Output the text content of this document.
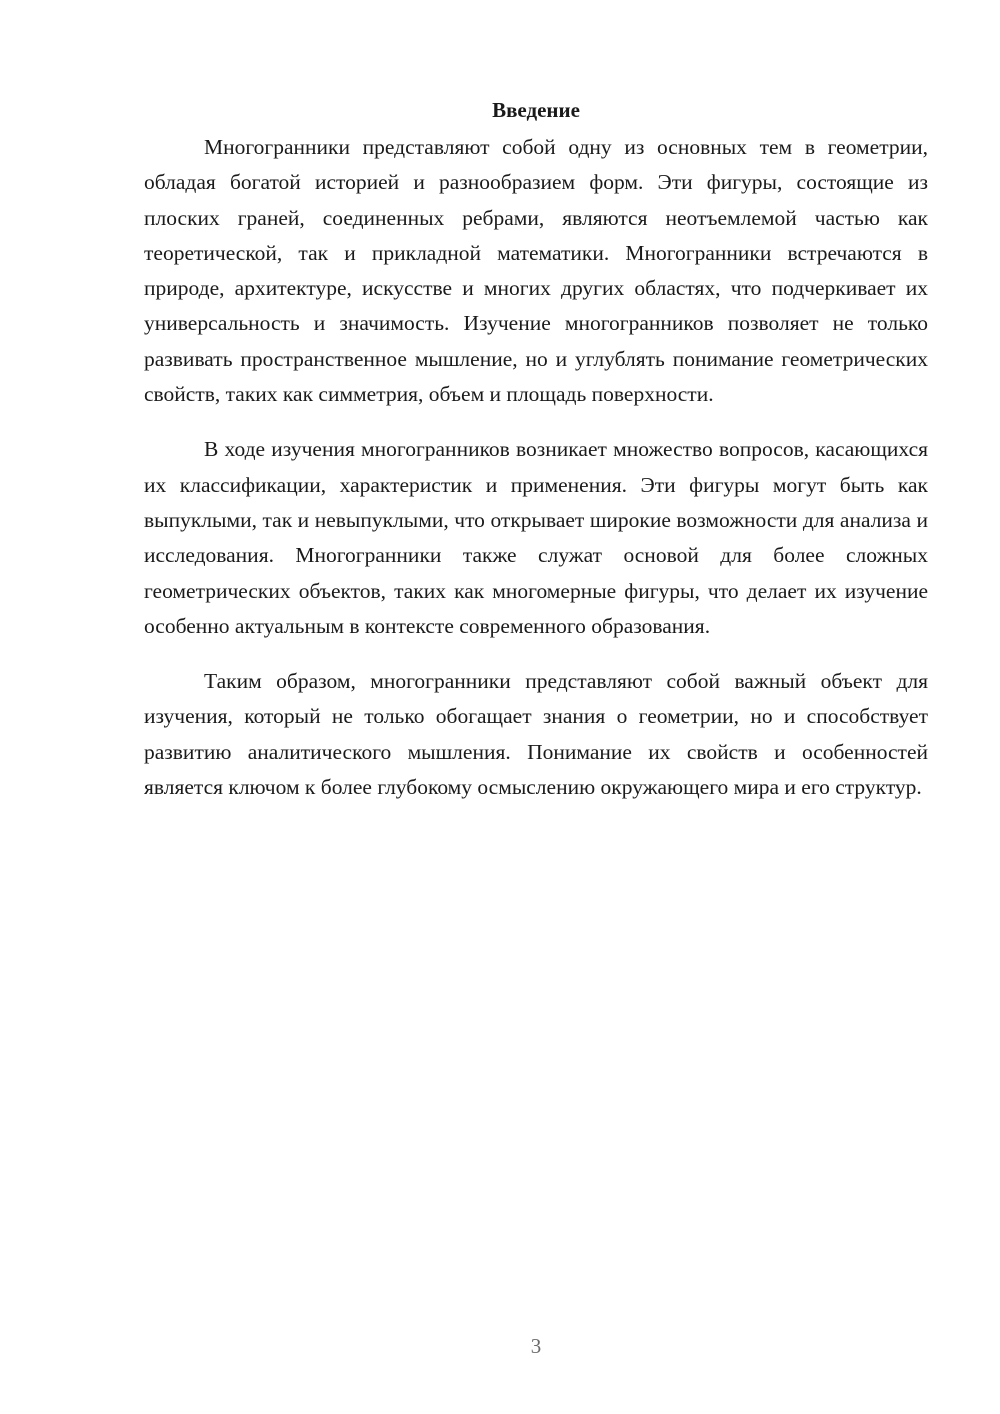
Введение

Многогранники представляют собой одну из основных тем в геометрии, обладая богатой историей и разнообразием форм. Эти фигуры, состоящие из плоских граней, соединенных ребрами, являются неотъемлемой частью как теоретической, так и прикладной математики. Многогранники встречаются в природе, архитектуре, искусстве и многих других областях, что подчеркивает их универсальность и значимость. Изучение многогранников позволяет не только развивать пространственное мышление, но и углублять понимание геометрических свойств, таких как симметрия, объем и площадь поверхности.

В ходе изучения многогранников возникает множество вопросов, касающихся их классификации, характеристик и применения. Эти фигуры могут быть как выпуклыми, так и невыпуклыми, что открывает широкие возможности для анализа и исследования. Многогранники также служат основой для более сложных геометрических объектов, таких как многомерные фигуры, что делает их изучение особенно актуальным в контексте современного образования.

Таким образом, многогранники представляют собой важный объект для изучения, который не только обогащает знания о геометрии, но и способствует развитию аналитического мышления. Понимание их свойств и особенностей является ключом к более глубокому осмыслению окружающего мира и его структур.

3
